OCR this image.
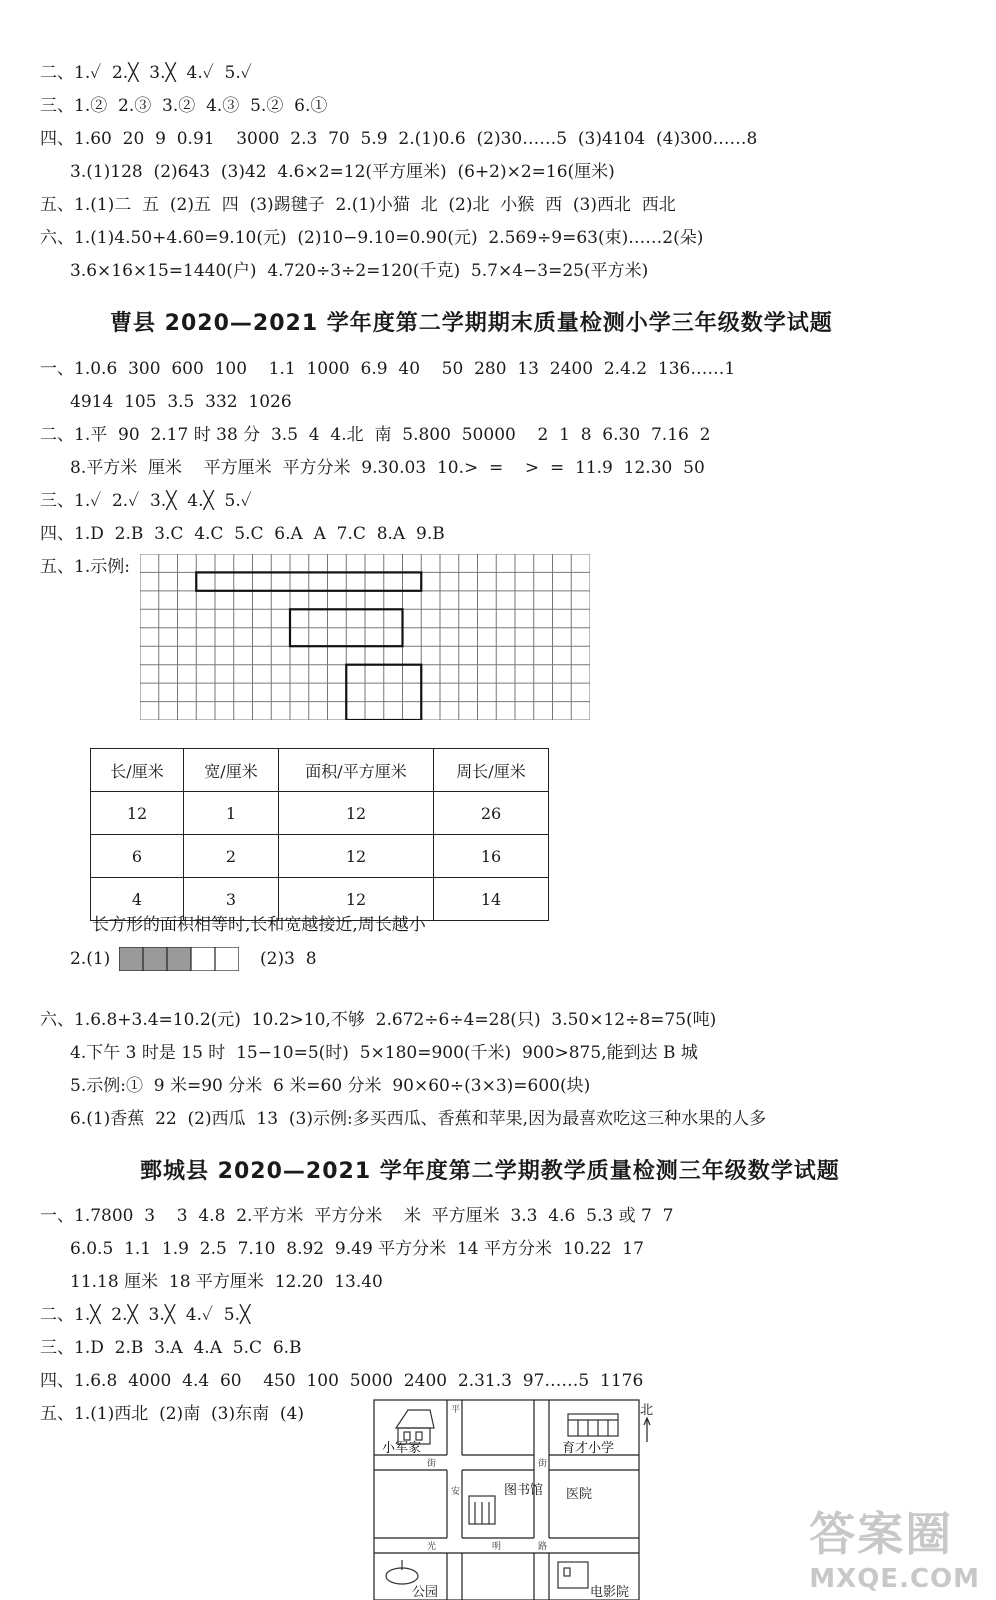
二、1.✓  2.╳  3.╳  4.✓  5.✓
三、1.②  2.③  3.②  4.③  5.②  6.①
四、1.60  20  9  0.91    3000  2.3  70  5.9  2.(1)0.6  (2)30……5  (3)4104  (4)300……8
3.(1)128  (2)643  (3)42  4.6×2=12(平方厘米)  (6+2)×2=16(厘米)
五、1.(1)二  五  (2)五  四  (3)踢毽子  2.(1)小猫  北  (2)北  小猴  西  (3)西北  西北
六、1.(1)4.50+4.60=9.10(元)  (2)10−9.10=0.90(元)  2.569÷9=63(束)……2(朵)
3.6×16×15=1440(户)  4.720÷3÷2=120(千克)  5.7×4−3=25(平方米)
曹县 2020—2021 学年度第二学期期末质量检测小学三年级数学试题
一、1.0.6  300  600  100    1.1  1000  6.9  40    50  280  13  2400  2.4.2  136……1
4914  105  3.5  332  1026
二、1.平  90  2.17 时 38 分  3.5  4  4.北  南  5.800  50000    2  1  8  6.30  7.16  2
8.平方米  厘米    平方厘米  平方分米  9.30.03  10.>  =    >  =  11.9  12.30  50
三、1.✓  2.✓  3.╳  4.╳  5.✓
四、1.D  2.B  3.C  4.C  5.C  6.A  A  7.C  8.A  9.B
五、1.示例:
长/厘米	宽/厘米	面积/平方厘米	周长/厘米
12	1	12	26
6	2	12	16
4	3	12	14
长方形的面积相等时,长和宽越接近,周长越小
2.(1)	(2)3  8
六、1.6.8+3.4=10.2(元)  10.2>10,不够  2.672÷6÷4=28(只)  3.50×12÷8=75(吨)
4.下午 3 时是 15 时  15−10=5(时)  5×180=900(千米)  900>875,能到达 B 城
5.示例:①  9 米=90 分米  6 米=60 分米  90×60÷(3×3)=600(块)
6.(1)香蕉  22  (2)西瓜  13  (3)示例:多买西瓜、香蕉和苹果,因为最喜欢吃这三种水果的人多
鄄城县 2020—2021 学年度第二学期教学质量检测三年级数学试题
一、1.7800  3    3  4.8  2.平方米  平方分米    米  平方厘米  3.3  4.6  5.3 或 7  7
6.0.5  1.1  1.9  2.5  7.10  8.92  9.49 平方分米  14 平方分米  10.22  17
11.18 厘米  18 平方厘米  12.20  13.40
二、1.╳  2.╳  3.╳  4.✓  5.╳
三、1.D  2.B  3.A  4.A  5.C  6.B
四、1.6.8  4000  4.4  60    450  100  5000  2400  2.31.3  97……5  1176
五、1.(1)西北  (2)南  (3)东南  (4)
小军家	育才小学
图书馆 医院
公园	电影院
北
平
街
安
光	明	路
街
答案圈
MXQE.COM
